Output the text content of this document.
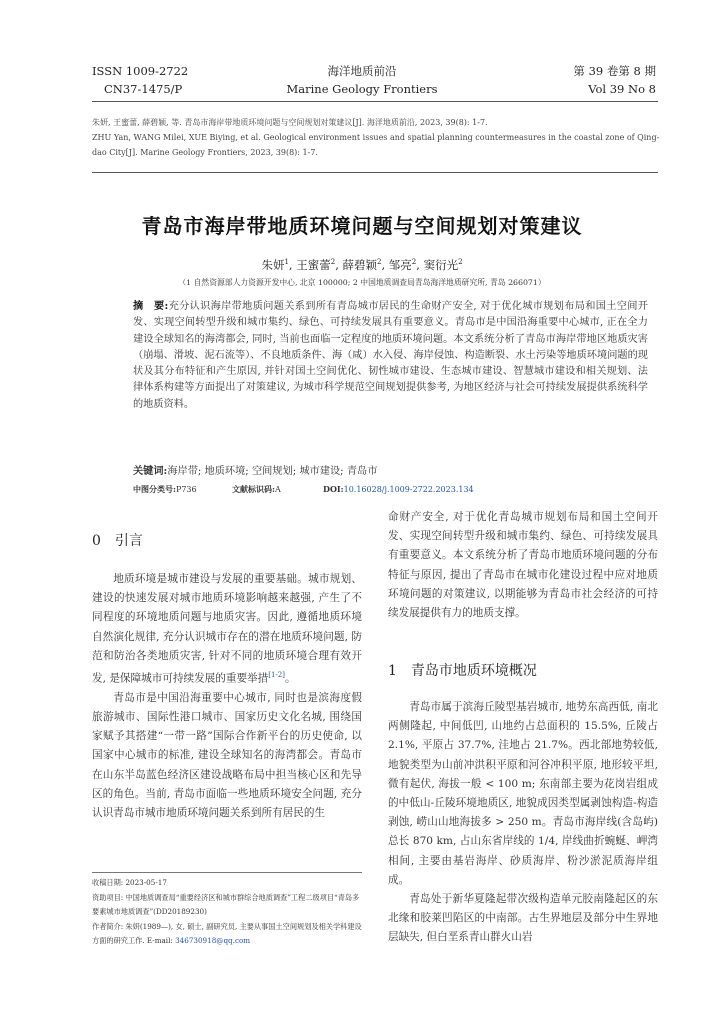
ISSN 1009-2722
CN37-1475/P
海洋地质前沿
Marine Geology Frontiers
第 39 卷第 8 期
Vol 39 No 8
朱妍, 王蜜蕾, 薛碧颖, 等. 青岛市海岸带地质环境问题与空间规划对策建议[J]. 海洋地质前沿, 2023, 39(8): 1-7.
ZHU Yan, WANG Milei, XUE Biying, et al. Geological environment issues and spatial planning countermeasures in the coastal zone of Qing-
dao City[J]. Marine Geology Frontiers, 2023, 39(8): 1-7.
青岛市海岸带地质环境问题与空间规划对策建议
朱妍$^1$, 王蜜蕾$^2$, 薛碧颖$^2$, 邹亮$^2$, 窦衍光$^2$
（1 自然资源部人力资源开发中心, 北京 100000; 2 中国地质调查局青岛海洋地质研究所, 青岛 266071）
摘　要:充分认识海岸带地质问题关系到所有青岛城市居民的生命财产安全, 对于优化城市规划布局和国土空间开发、实现空间转型升级和城市集约、绿色、可持续发展具有重要意义。青岛市是中国沿海重要中心城市, 正在全力建设全球知名的海湾都会, 同时, 当前也面临一定程度的地质环境问题。本文系统分析了青岛市海岸带地区地质灾害（崩塌、滑坡、泥石流等）、不良地质条件、海（咸）水入侵、海岸侵蚀、构造断裂、水土污染等地质环境问题的现状及其分布特征和产生原因, 并针对国土空间优化、韧性城市建设、生态城市建设、智慧城市建设和相关规划、法律体系构建等方面提出了对策建议, 为城市科学规范空间规划提供参考, 为地区经济与社会可持续发展提供系统科学的地质资料。
关键词:海岸带; 地质环境; 空间规划; 城市建设; 青岛市
中图分类号:P736	文献标识码:A	DOI:10.16028/j.1009-2722.2023.134
0　引言

地质环境是城市建设与发展的重要基础。城市规划、建设的快速发展对城市地质环境影响越来越强, 产生了不同程度的环境地质问题与地质灾害。因此, 遵循地质环境自然演化规律, 充分认识城市存在的潜在地质环境问题, 防范和防治各类地质灾害, 针对不同的地质环境合理有效开发, 是保障城市可持续发展的重要举措[1-2]。

青岛市是中国沿海重要中心城市, 同时也是滨海度假旅游城市、国际性港口城市、国家历史文化名城, 围绕国家赋予其搭建“一带一路”国际合作新平台的历史使命, 以国家中心城市的标准, 建设全球知名的海湾都会。青岛市在山东半岛蓝色经济区建设战略布局中担当核心区和先导区的角色。当前, 青岛市面临一些地质环境安全问题, 充分认识青岛市城市地质环境问题关系到所有居民的生

收稿日期: 2023-05-17
资助项目: 中国地质调查局“重要经济区和城市群综合地质调查”工程二级项目“青岛多要素城市地质调查”(DD20189230)
作者简介: 朱妍(1989—), 女, 硕士, 副研究员, 主要从事国土空间规划及相关学科建设方面的研究工作. E-mail: 346730918@qq.com

命财产安全, 对于优化青岛城市规划布局和国土空间开发、实现空间转型升级和城市集约、绿色、可持续发展具有重要意义。本文系统分析了青岛市地质环境问题的分布特征与原因, 提出了青岛市在城市化建设过程中应对地质环境问题的对策建议, 以期能够为青岛市社会经济的可持续发展提供有力的地质支撑。

1　青岛市地质环境概况

青岛市属于滨海丘陵型基岩城市, 地势东高西低, 南北两侧隆起, 中间低凹, 山地约占总面积的 15.5%, 丘陵占 2.1%, 平原占 37.7%, 洼地占 21.7%。西北部地势较低, 地貌类型为山前冲洪积平原和河谷冲积平原, 地形较平坦, 微有起伏, 海拔一般 < 100 m; 东南部主要为花岗岩组成的中低山-丘陵环境地质区, 地貌成因类型属剥蚀构造-构造剥蚀, 崂山山地海拔多 > 250 m。青岛市海岸线(含岛屿)总长 870 km, 占山东省岸线的 1/4, 岸线曲折蜿蜒、岬湾相间, 主要由基岩海岸、砂质海岸、粉沙淤泥质海岸组成。

青岛处于新华夏隆起带次级构造单元胶南隆起区的东北缘和胶莱凹陷区的中南部。古生界地层及部分中生界地层缺失, 但白垩系青山群火山岩
